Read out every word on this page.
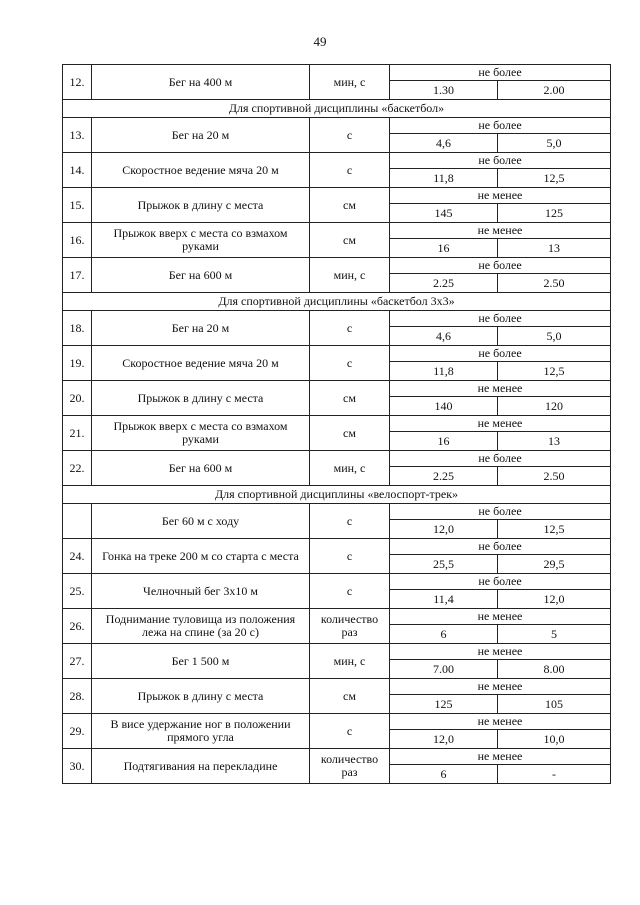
49
12.	Бег на 400 м	мин, с	не более	
			1.30	2.00
Для спортивной дисциплины «баскетбол»				
13.	Бег на 20 м	с	не более	
			4,6	5,0
14.	Скоростное ведение мяча 20 м	с	не более	
			11,8	12,5
15.	Прыжок в длину с места	см	не менее	
			145	125
16.	Прыжок вверх с места со взмахом руками	см	не менее	
			16	13
17.	Бег на 600 м	мин, с	не более	
			2.25	2.50
Для спортивной дисциплины «баскетбол 3х3»				
18.	Бег на 20 м	с	не более	
			4,6	5,0
19.	Скоростное ведение мяча 20 м	с	не более	
			11,8	12,5
20.	Прыжок в длину с места	см	не менее	
			140	120
21.	Прыжок вверх с места со взмахом руками	см	не менее	
			16	13
22.	Бег на 600 м	мин, с	не более	
			2.25	2.50
Для спортивной дисциплины «велоспорт-трек»				
	Бег 60 м с ходу	с	не более	
			12,0	12,5
24.	Гонка на треке 200 м со старта с места	с	не более	
			25,5	29,5
25.	Челночный бег 3х10 м	с	не более	
			11,4	12,0
26.	Поднимание туловища из положения лежа на спине (за 20 с)	количество раз	не менее	
			6	5
27.	Бег 1 500 м	мин, с	не менее	
			7.00	8.00
28.	Прыжок в длину с места	см	не менее	
			125	105
29.	В висе удержание ног в положении прямого угла	с	не менее	
			12,0	10,0
30.	Подтягивания на перекладине	количество раз	не менее	
			6	-
